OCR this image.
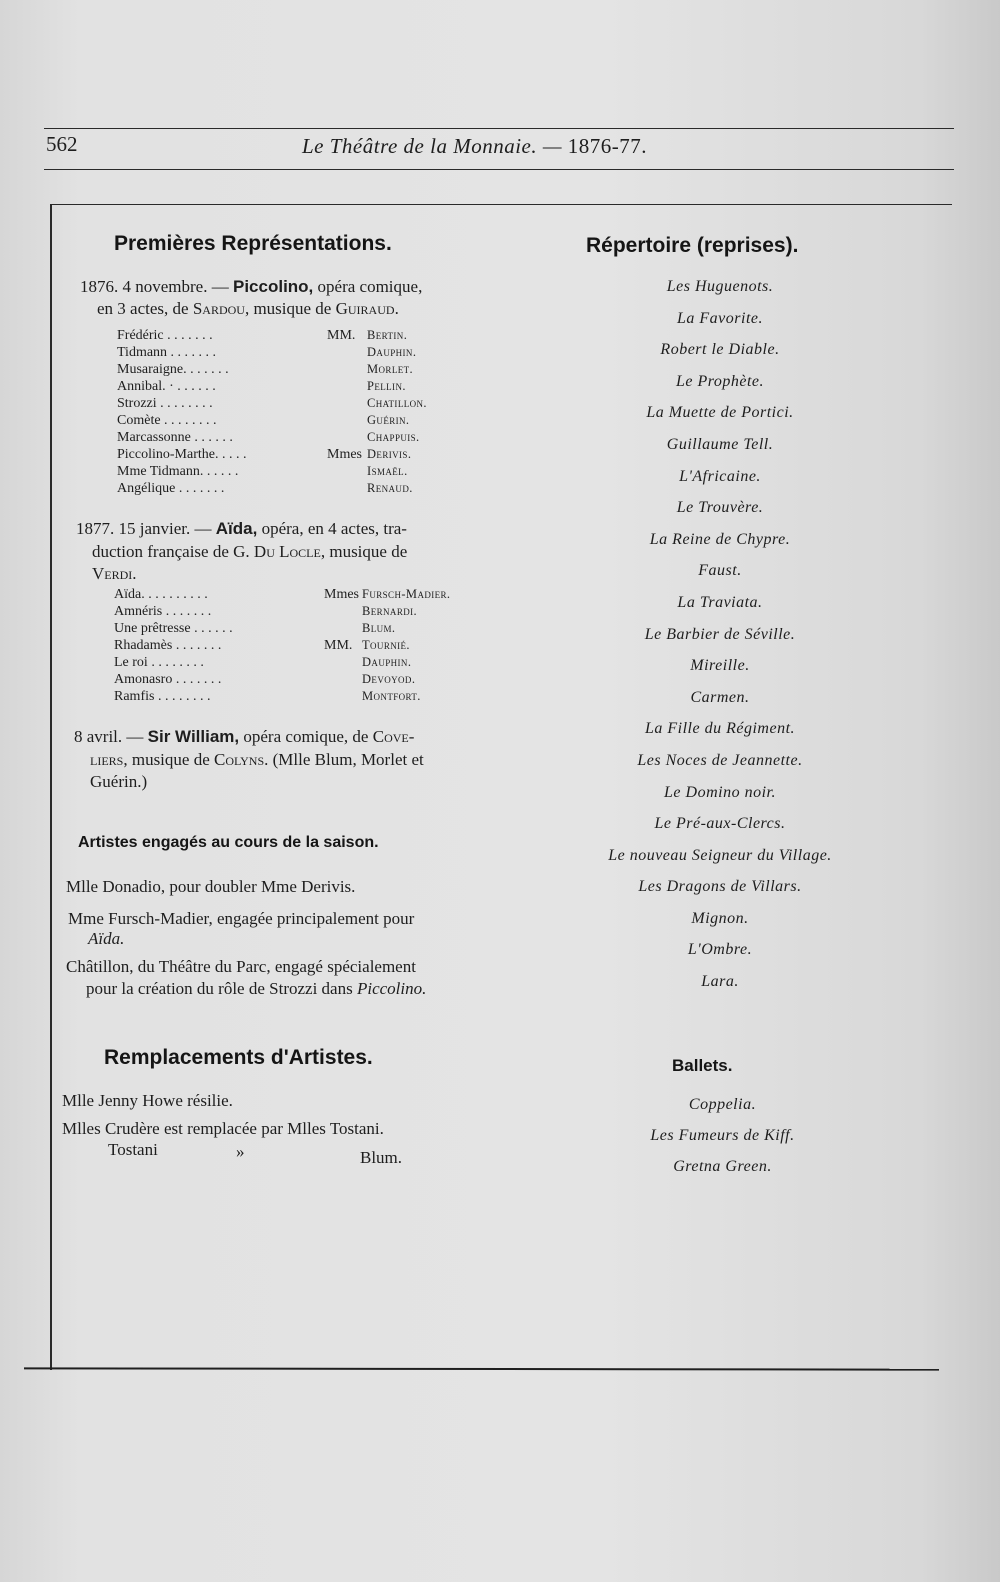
562	Le Théâtre de la Monnaie. — 1876-77.
Premières Représentations.
1876. 4 novembre. — Piccolino, opéra comique,
en 3 actes, de Sardou, musique de Guiraud.
Frédéric . . . . . . .	MM. Bertin.
Tidmann . . . . . . .	Dauphin.
Musaraigne. . . . . . .	Morlet.
Annibal. · . . . . . .	Pellin.
Strozzi . . . . . . . .	Chatillon.
Comète . . . . . . . .	Guérin.
Marcassonne . . . . . .	Chappuis.
Piccolino-Marthe. . . . .	Mmes Derivis.
Mme Tidmann. . . . . .	Ismaël.
Angélique . . . . . . .	Renaud.
1877. 15 janvier. — Aïda, opéra, en 4 actes, tra-
duction française de G. Du Locle, musique de
Verdi.
Aïda. . . . . . . . . .	Mmes Fursch-Madier.
Amnéris . . . . . . .	Bernardi.
Une prêtresse . . . . . .	Blum.
Rhadamès . . . . . . .	MM. Tournié.
Le roi . . . . . . . .	Dauphin.
Amonasro . . . . . . .	Devoyod.
Ramfis . . . . . . . .	Montfort.
8 avril. — Sir William, opéra comique, de Cove-
liers, musique de Colyns. (Mlle Blum, Morlet et
Guérin.)
Artistes engagés au cours de la saison.
Mlle Donadio, pour doubler Mme Derivis.
Mme Fursch-Madier, engagée principalement pour
Aïda.
Châtillon, du Théâtre du Parc, engagé spécialement
pour la création du rôle de Strozzi dans Piccolino.
Remplacements d'Artistes.
Mlle Jenny Howe résilie.
Mlles Crudère est remplacée par Mlles Tostani.
Tostani	»	Blum.
Répertoire (reprises).
Les Huguenots.
La Favorite.
Robert le Diable.
Le Prophète.
La Muette de Portici.
Guillaume Tell.
L'Africaine.
Le Trouvère.
La Reine de Chypre.
Faust.
La Traviata.
Le Barbier de Séville.
Mireille.
Carmen.
La Fille du Régiment.
Les Noces de Jeannette.
Le Domino noir.
Le Pré-aux-Clercs.
Le nouveau Seigneur du Village.
Les Dragons de Villars.
Mignon.
L'Ombre.
Lara.
Ballets.
Coppelia.
Les Fumeurs de Kiff.
Gretna Green.
